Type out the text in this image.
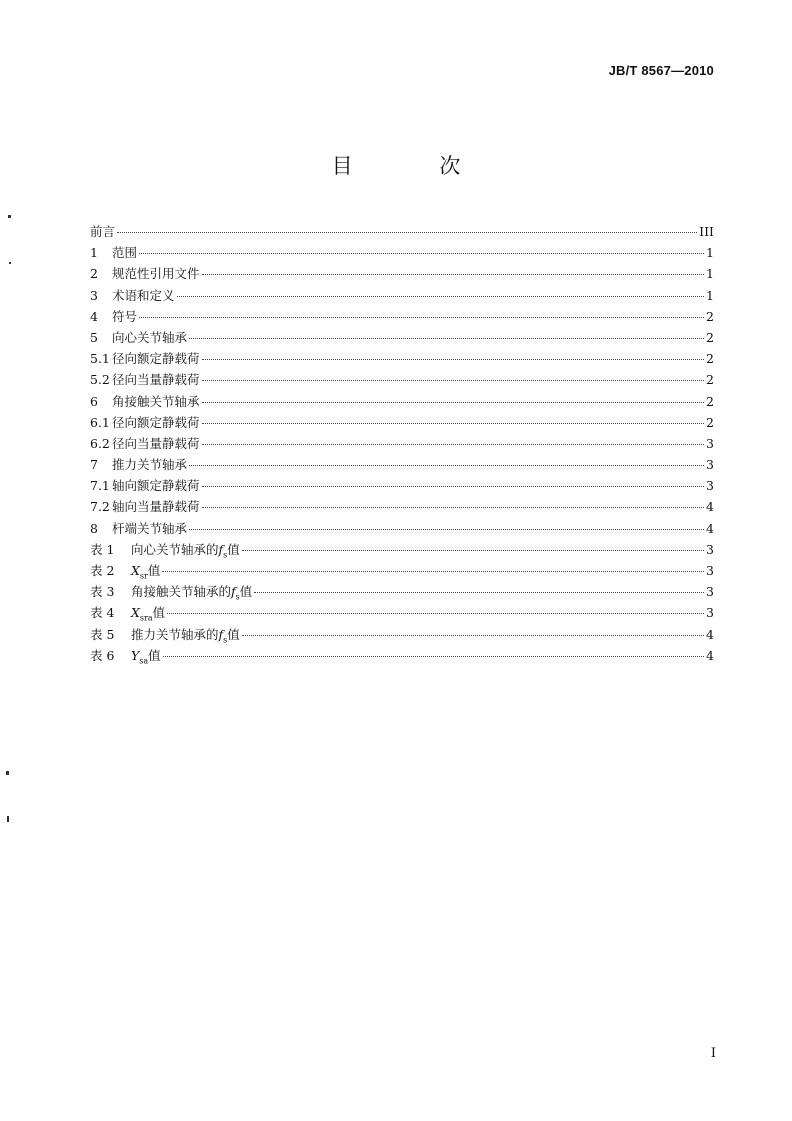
JB/T 8567—2010
目 次
前言	III
1	范围	1
2	规范性引用文件	1
3	术语和定义	1
4	符号	2
5	向心关节轴承	2
5.1 径向额定静载荷	2
5.2 径向当量静载荷	2
6	角接触关节轴承	2
6.1 径向额定静载荷	2
6.2 径向当量静载荷	3
7	推力关节轴承	3
7.1 轴向额定静载荷	3
7.2 轴向当量静载荷	4
8	杆端关节轴承	4
表 1	向心关节轴承的$f_s$值	3
表 2	$X_{sr}$值	3
表 3	角接触关节轴承的$f_s$值	3
表 4	$X_{sra}$值	3
表 5	推力关节轴承的$f_s$值	4
表 6	$Y_{sa}$值	4
I
